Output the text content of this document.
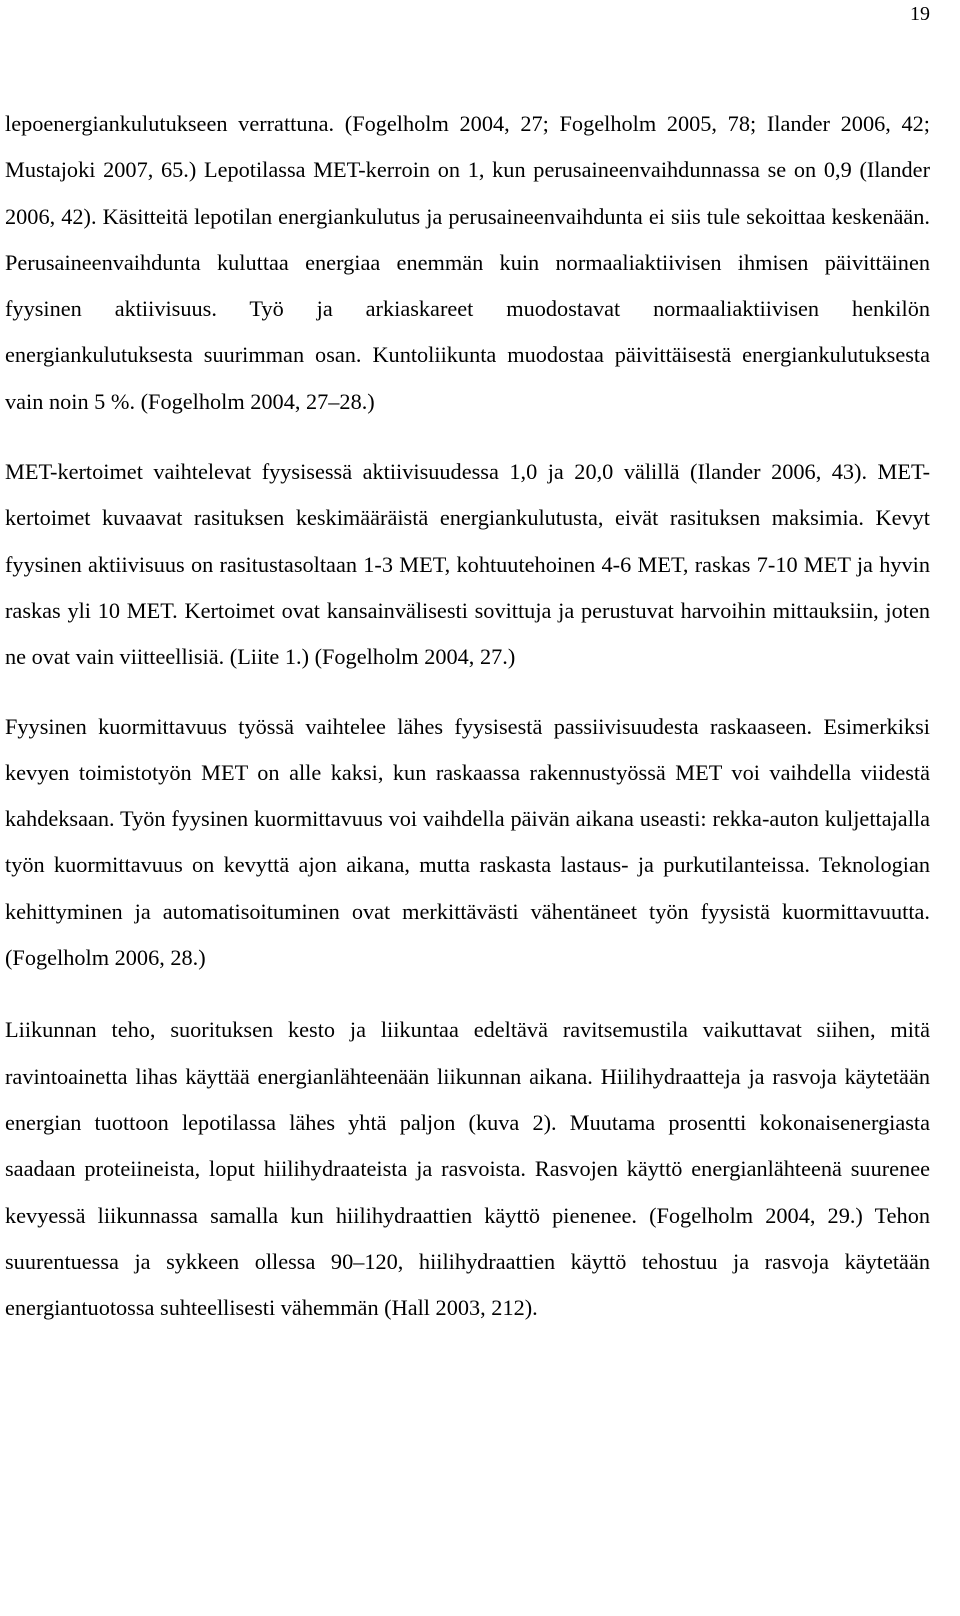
19

lepoenergiankulutukseen verrattuna. (Fogelholm 2004, 27; Fogelholm 2005, 78; Ilander 2006, 42; Mustajoki 2007, 65.) Lepotilassa MET-kerroin on 1, kun perusaineenvaihdunnassa se on 0,9 (Ilander 2006, 42). Käsitteitä lepotilan energiankulutus ja perusaineenvaihdunta ei siis tule sekoittaa keskenään. Perusaineenvaihdunta kuluttaa energiaa enemmän kuin normaaliaktiivisen ihmisen päivittäinen fyysinen aktiivisuus. Työ ja arkiaskareet muodostavat normaaliaktiivisen henkilön energiankulutuksesta suurimman osan. Kuntoliikunta muodostaa päivittäisestä energiankulutuksesta vain noin 5 %. (Fogelholm 2004, 27–28.)

MET-kertoimet vaihtelevat fyysisessä aktiivisuudessa 1,0 ja 20,0 välillä (Ilander 2006, 43). MET-kertoimet kuvaavat rasituksen keskimääräistä energiankulutusta, eivät rasituksen maksimia. Kevyt fyysinen aktiivisuus on rasitustasoltaan 1-3 MET, kohtuutehoinen 4-6 MET, raskas 7-10 MET ja hyvin raskas yli 10 MET. Kertoimet ovat kansainvälisesti sovittuja ja perustuvat harvoihin mittauksiin, joten ne ovat vain viitteellisiä. (Liite 1.) (Fogelholm 2004, 27.)

Fyysinen kuormittavuus työssä vaihtelee lähes fyysisestä passiivisuudesta raskaaseen. Esimerkiksi kevyen toimistotyön MET on alle kaksi, kun raskaassa rakennustyössä MET voi vaihdella viidestä kahdeksaan. Työn fyysinen kuormittavuus voi vaihdella päivän aikana useasti: rekka-auton kuljettajalla työn kuormittavuus on kevyttä ajon aikana, mutta raskasta lastaus- ja purkutilanteissa. Teknologian kehittyminen ja automatisoituminen ovat merkittävästi vähentäneet työn fyysistä kuormittavuutta. (Fogelholm 2006, 28.)

Liikunnan teho, suorituksen kesto ja liikuntaa edeltävä ravitsemustila vaikuttavat siihen, mitä ravintoainetta lihas käyttää energianlähteenään liikunnan aikana. Hiilihydraatteja ja rasvoja käytetään energian tuottoon lepotilassa lähes yhtä paljon (kuva 2). Muutama prosentti kokonaisenergiasta saadaan proteiineista, loput hiilihydraateista ja rasvoista. Rasvojen käyttö energianlähteenä suurenee kevyessä liikunnassa samalla kun hiilihydraattien käyttö pienenee. (Fogelholm 2004, 29.) Tehon suurentuessa ja sykkeen ollessa 90–120, hiilihydraattien käyttö tehostuu ja rasvoja käytetään energiantuotossa suhteellisesti vähemmän (Hall 2003, 212).
